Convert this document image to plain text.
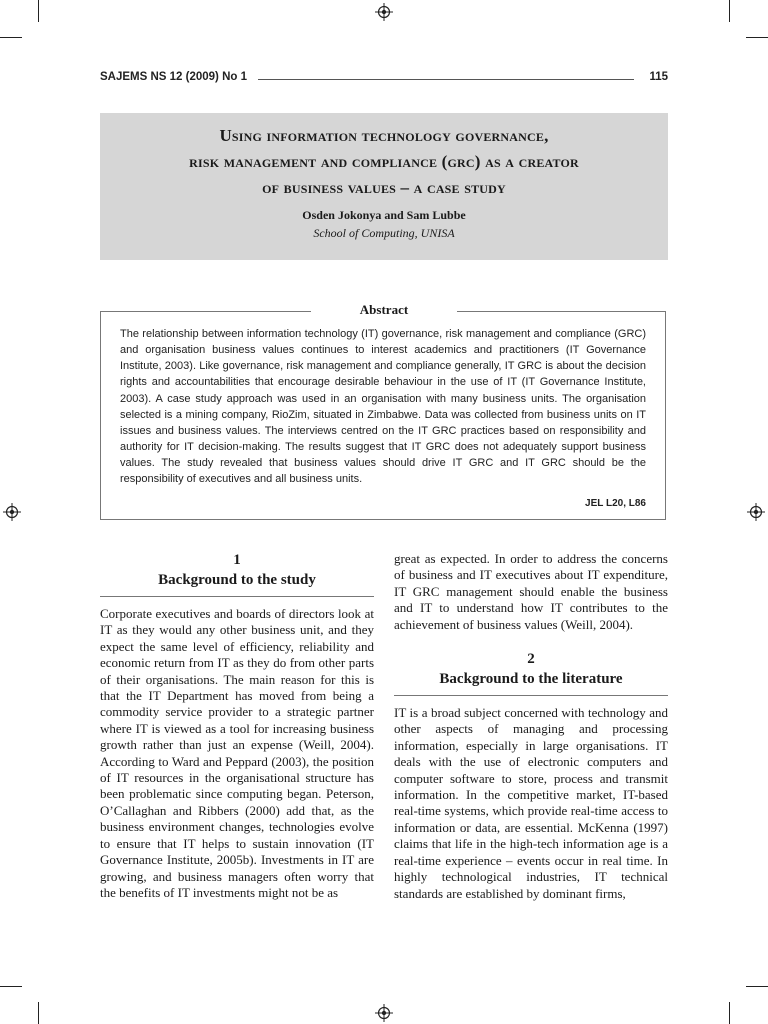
SAJEMS NS 12 (2009) No 1	115
Using information technology governance,
risk management and compliance (grc) as a creator
of business values – a case study
Osden Jokonya and Sam Lubbe
School of Computing, UNISA
Abstract
The relationship between information technology (IT) governance, risk management and compliance (GRC) and organisation business values continues to interest academics and practitioners (IT Governance Institute, 2003). Like governance, risk management and compliance generally, IT GRC is about the decision rights and accountabilities that encourage desirable behaviour in the use of IT (IT Governance Institute, 2003). A case study approach was used in an organisation with many business units. The organisation selected is a mining company, RioZim, situated in Zimbabwe. Data was collected from business units on IT issues and business values. The interviews centred on the IT GRC practices based on responsibility and authority for IT decision-making. The results suggest that IT GRC does not adequately support business values. The study revealed that business values should drive IT GRC and IT GRC should be the responsibility of executives and all business units.
JEL L20, L86
1
Background to the study

Corporate executives and boards of directors look at IT as they would any other business unit, and they expect the same level of efficiency, reliability and economic return from IT as they do from other parts of their organisations. The main reason for this is that the IT Department has moved from being a commodity service provider to a strategic partner where IT is viewed as a tool for increasing business growth rather than just an expense (Weill, 2004). According to Ward and Peppard (2003), the position of IT resources in the organisational structure has been problematic since computing began. Peterson, O’Callaghan and Ribbers (2000) add that, as the business environment changes, technologies evolve to ensure that IT helps to sustain innovation (IT Governance Institute, 2005b). Investments in IT are growing, and business managers often worry that the benefits of IT investments might not be as

great as expected. In order to address the concerns of business and IT executives about IT expenditure, IT GRC management should enable the business and IT to understand how IT contributes to the achievement of business values (Weill, 2004).

2
Background to the literature

IT is a broad subject concerned with technology and other aspects of managing and processing information, especially in large organisations. IT deals with the use of electronic computers and computer software to store, process and transmit information. In the competitive market, IT-based real-time systems, which provide real-time access to information or data, are essential. McKenna (1997) claims that life in the high-tech information age is a real-time experience – events occur in real time. In highly technological industries, IT technical standards are established by dominant firms,
